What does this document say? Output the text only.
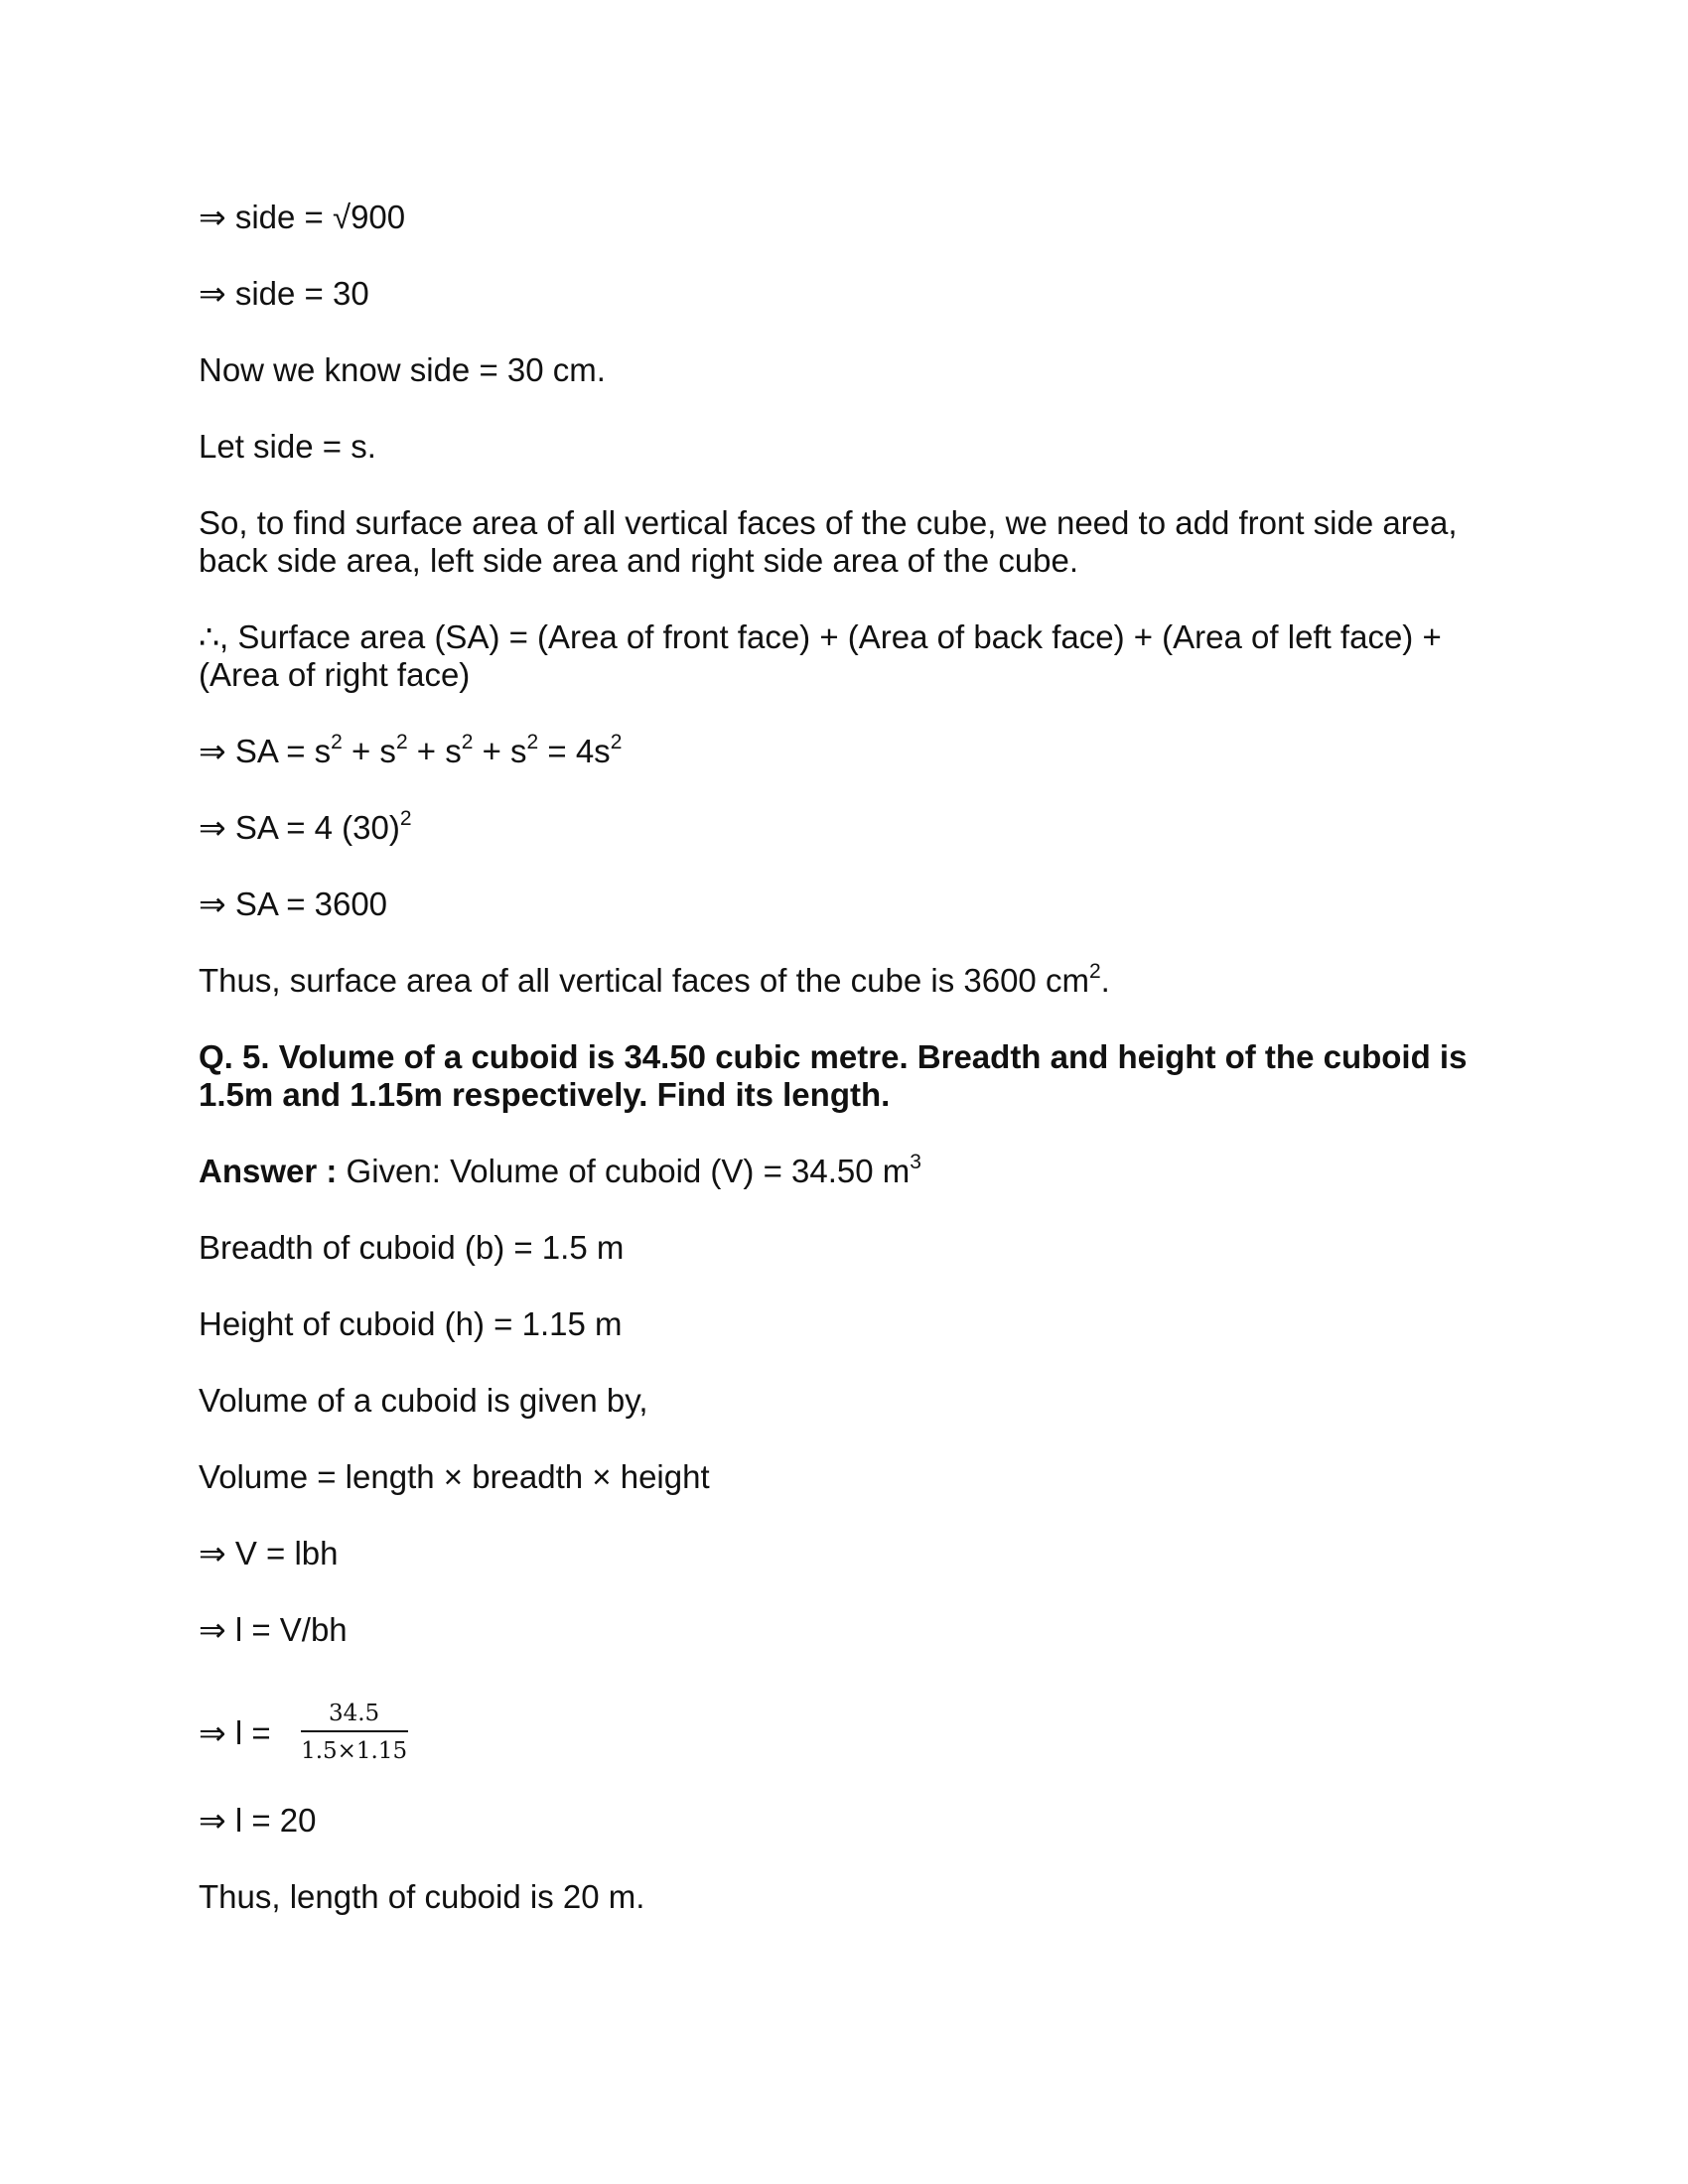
⇒ side = √900

⇒ side = 30

Now we know side = 30 cm.

Let side = s.

So, to find surface area of all vertical faces of the cube, we need to add front side area, back side area, left side area and right side area of the cube.

∴, Surface area (SA) = (Area of front face) + (Area of back face) + (Area of left face) + (Area of right face)

⇒ SA = $s^2 + s^2 + s^2 + s^2 = 4s^2$

⇒ SA = 4 $(30)^2$

⇒ SA = 3600

Thus, surface area of all vertical faces of the cube is 3600 $cm^2$.

Q. 5. Volume of a cuboid is 34.50 cubic metre. Breadth and height of the cuboid is 1.5m and 1.15m respectively. Find its length.

Answer : Given: Volume of cuboid (V) = 34.50 $m^3$

Breadth of cuboid (b) = 1.5 m

Height of cuboid (h) = 1.15 m

Volume of a cuboid is given by,

Volume = length × breadth × height

⇒ V = lbh

⇒ l = V/bh

⇒ $l = \frac{34.5}{1.5\times 1.15}$

⇒ l = 20

Thus, length of cuboid is 20 m.
